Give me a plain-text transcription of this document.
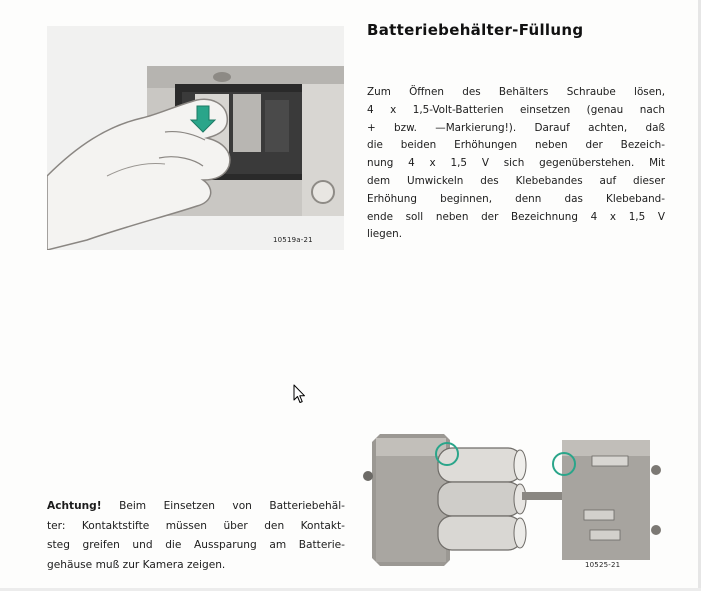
10519a-21
Batteriebehälter-Füllung
Zum Öffnen des Behälters Schraube lösen,
4 x 1,5-Volt-Batterien einsetzen (genau nach
+ bzw. —Markierung!). Darauf achten, daß
die beiden Erhöhungen neben der Bezeich-
nung 4 x 1,5 V sich gegenüberstehen. Mit
dem Umwickeln des Klebebandes auf dieser
Erhöhung beginnen, denn das Klebeband-
ende soll neben der Bezeichnung 4 x 1,5 V
liegen.
Achtung! Beim Einsetzen von Batteriebehäl-
ter: Kontaktstifte müssen über den Kontakt-
steg greifen und die Aussparung am Batterie-
gehäuse muß zur Kamera zeigen.	10525-21
